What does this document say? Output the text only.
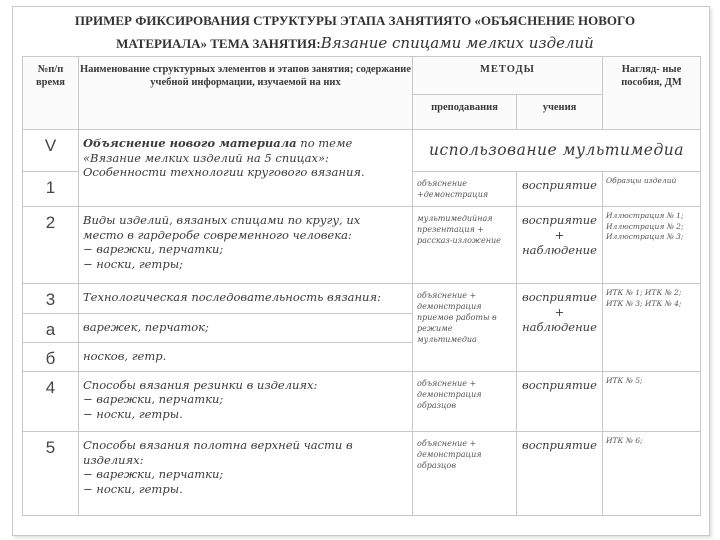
ПРИМЕР ФИКСИРОВАНИЯ СТРУКТУРЫ ЭТАПА ЗАНЯТИЯТО «ОБЪЯСНЕНИЕ НОВОГО
МАТЕРИАЛА» ТЕМА ЗАНЯТИЯ:Вязание спицами мелких изделий
№п/п время	Наименование структурных элементов и этапов занятия; содержание учебной информации, изучаемой на них	МЕТОДЫ		Нагляд- ные пособия, ДМ
		преподавания	учения	
V	Объяснение нового материала по теме
«Вязание мелких изделий на 5 спицах»:
Особенности технологии кругового вязания.	использование мультимедиа		
1		объяснение +демонстрация	восприятие	Образцы изделий
2	Виды изделий, вязаных спицами по кругу, их
место в гардеробе современного человека:
− варежки, перчатки;
− носки, гетры;	мультимедийная презентация + рассказ-изложение	восприятие
+
наблюдение	Иллюстрация № 1; Иллюстрация № 2; Иллюстрация № 3;
3	Технологическая последовательность вязания:	объяснение + демонстрация приемов работы в режиме мультимедиа	восприятие
+
наблюдение	ИТК № 1; ИТК № 2; ИТК № 3; ИТК № 4;
а	варежек, перчаток;			
б	носков, гетр.			
4	Способы вязания резинки в изделиях:
− варежки, перчатки;
− носки, гетры.	объяснение + демонстрация образцов	восприятие	ИТК № 5;
5	Способы вязания полотна верхней части в
изделиях:
− варежки, перчатки;
− носки, гетры.	объяснение + демонстрация образцов	восприятие	ИТК № 6;
